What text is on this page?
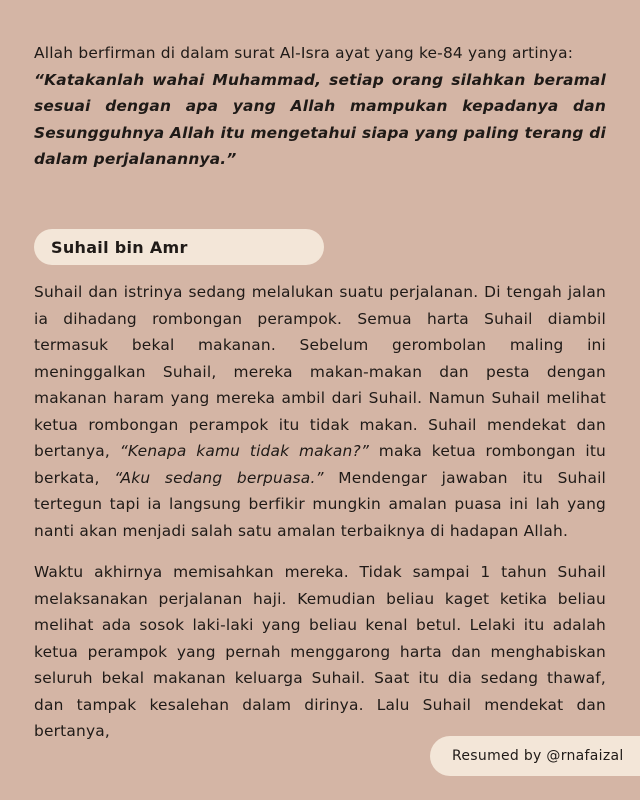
Allah berfirman di dalam surat Al-Isra ayat yang ke-84 yang artinya:
“Katakanlah wahai Muhammad, setiap orang silahkan beramal sesuai dengan apa yang Allah mampukan kepadanya dan Sesungguhnya Allah itu mengetahui siapa yang paling terang di dalam perjalanannya.”

Suhail bin Amr

Suhail dan istrinya sedang melalukan suatu perjalanan. Di tengah jalan ia dihadang rombongan perampok. Semua harta Suhail diambil termasuk bekal makanan. Sebelum gerombolan maling ini meninggalkan Suhail, mereka makan-makan dan pesta dengan makanan haram yang mereka ambil dari Suhail. Namun Suhail melihat ketua rombongan perampok itu tidak makan. Suhail mendekat dan bertanya, “Kenapa kamu tidak makan?” maka ketua rombongan itu berkata, “Aku sedang berpuasa.” Mendengar jawaban itu Suhail tertegun tapi ia langsung berfikir mungkin amalan puasa ini lah yang nanti akan menjadi salah satu amalan terbaiknya di hadapan Allah.

Waktu akhirnya memisahkan mereka. Tidak sampai 1 tahun Suhail melaksanakan perjalanan haji. Kemudian beliau kaget ketika beliau melihat ada sosok laki-laki yang beliau kenal betul. Lelaki itu adalah ketua perampok yang pernah menggarong harta dan menghabiskan seluruh bekal makanan keluarga Suhail. Saat itu dia sedang thawaf, dan tampak kesalehan dalam dirinya. Lalu Suhail mendekat dan bertanya,

Resumed by @rnafaizal
